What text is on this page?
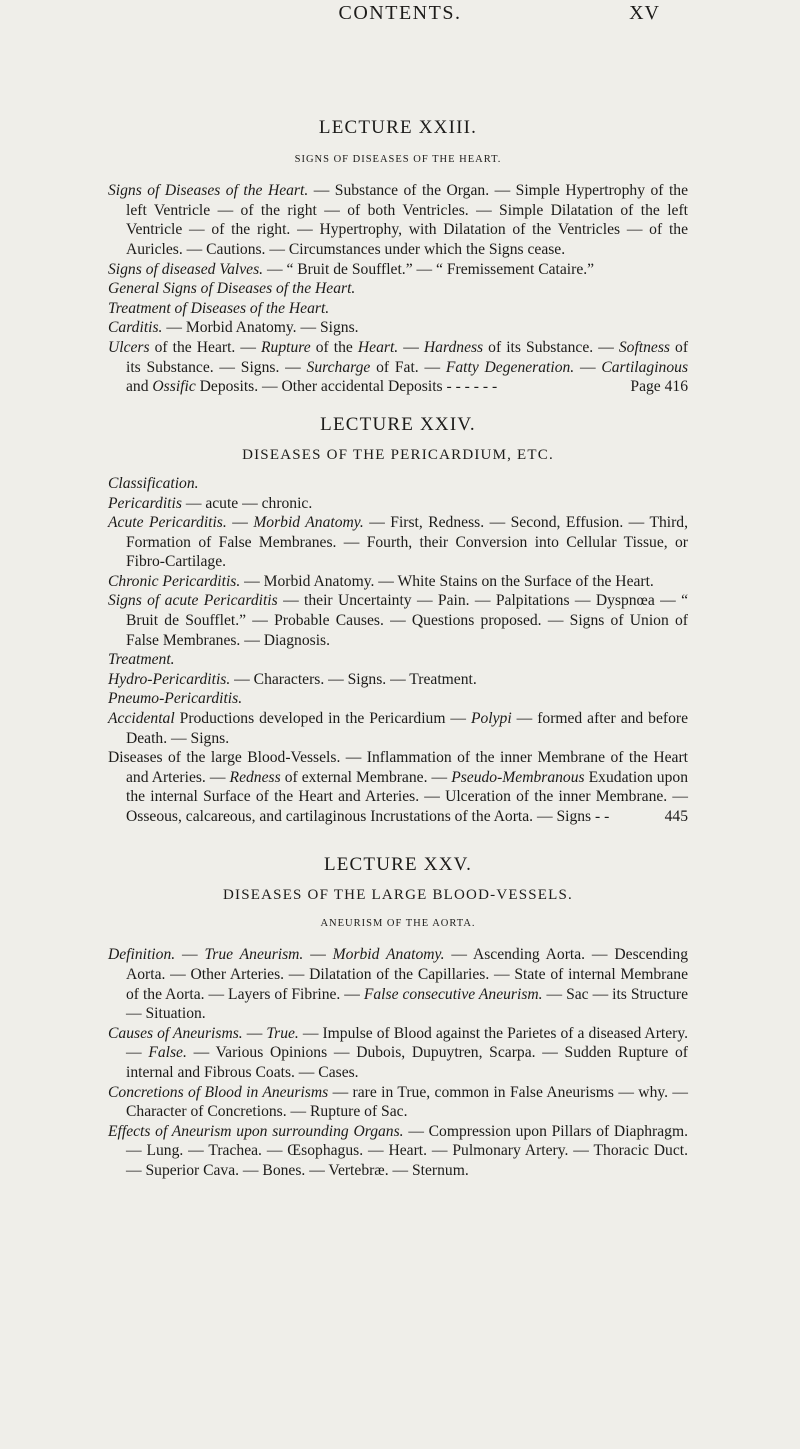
CONTENTS.	XV
LECTURE XXIII.
SIGNS OF DISEASES OF THE HEART.

Signs of Diseases of the Heart. — Substance of the Organ. — Simple Hypertrophy of the left Ventricle — of the right — of both Ventricles. — Simple Dilatation of the left Ventricle — of the right. — Hypertrophy, with Dilatation of the Ventricles — of the Auricles. — Cautions. — Circumstances under which the Signs cease.

Signs of diseased Valves. — “ Bruit de Soufflet.” — “ Fremissement Cataire.”

General Signs of Diseases of the Heart.

Treatment of Diseases of the Heart.

Carditis. — Morbid Anatomy. — Signs.

Ulcers of the Heart. — Rupture of the Heart. — Hardness of its Substance. — Softness of its Substance. — Signs. — Surcharge of Fat. — Fatty Degeneration. — Cartilaginous and Ossific Deposits. — Other accidental Deposits - - - - - -	Page 416

LECTURE XXIV.
DISEASES OF THE PERICARDIUM, ETC.

Classification.

Pericarditis — acute — chronic.

Acute Pericarditis. — Morbid Anatomy. — First, Redness. — Second, Effusion. — Third, Formation of False Membranes. — Fourth, their Conversion into Cellular Tissue, or Fibro-Cartilage.

Chronic Pericarditis. — Morbid Anatomy. — White Stains on the Surface of the Heart.

Signs of acute Pericarditis — their Uncertainty — Pain. — Palpitations — Dyspnœa — “ Bruit de Soufflet.” — Probable Causes. — Questions proposed. — Signs of Union of False Membranes. — Diagnosis.

Treatment.

Hydro-Pericarditis. — Characters. — Signs. — Treatment.

Pneumo-Pericarditis.

Accidental Productions developed in the Pericardium — Polypi — formed after and before Death. — Signs.

Diseases of the large Blood-Vessels. — Inflammation of the inner Membrane of the Heart and Arteries. — Redness of external Membrane. — Pseudo-Membranous Exudation upon the internal Surface of the Heart and Arteries. — Ulceration of the inner Membrane. — Osseous, calcareous, and cartilaginous Incrustations of the Aorta. — Signs - -	445

LECTURE XXV.
DISEASES OF THE LARGE BLOOD-VESSELS.
ANEURISM OF THE AORTA.

Definition. — True Aneurism. — Morbid Anatomy. — Ascending Aorta. — Descending Aorta. — Other Arteries. — Dilatation of the Capillaries. — State of internal Membrane of the Aorta. — Layers of Fibrine. — False consecutive Aneurism. — Sac — its Structure — Situation.

Causes of Aneurisms. — True. — Impulse of Blood against the Parietes of a diseased Artery. — False. — Various Opinions — Dubois, Dupuytren, Scarpa. — Sudden Rupture of internal and Fibrous Coats. — Cases.

Concretions of Blood in Aneurisms — rare in True, common in False Aneurisms — why. — Character of Concretions. — Rupture of Sac.

Effects of Aneurism upon surrounding Organs. — Compression upon Pillars of Diaphragm. — Lung. — Trachea. — Œsophagus. — Heart. — Pulmonary Artery. — Thoracic Duct. — Superior Cava. — Bones. — Vertebræ. — Sternum.
